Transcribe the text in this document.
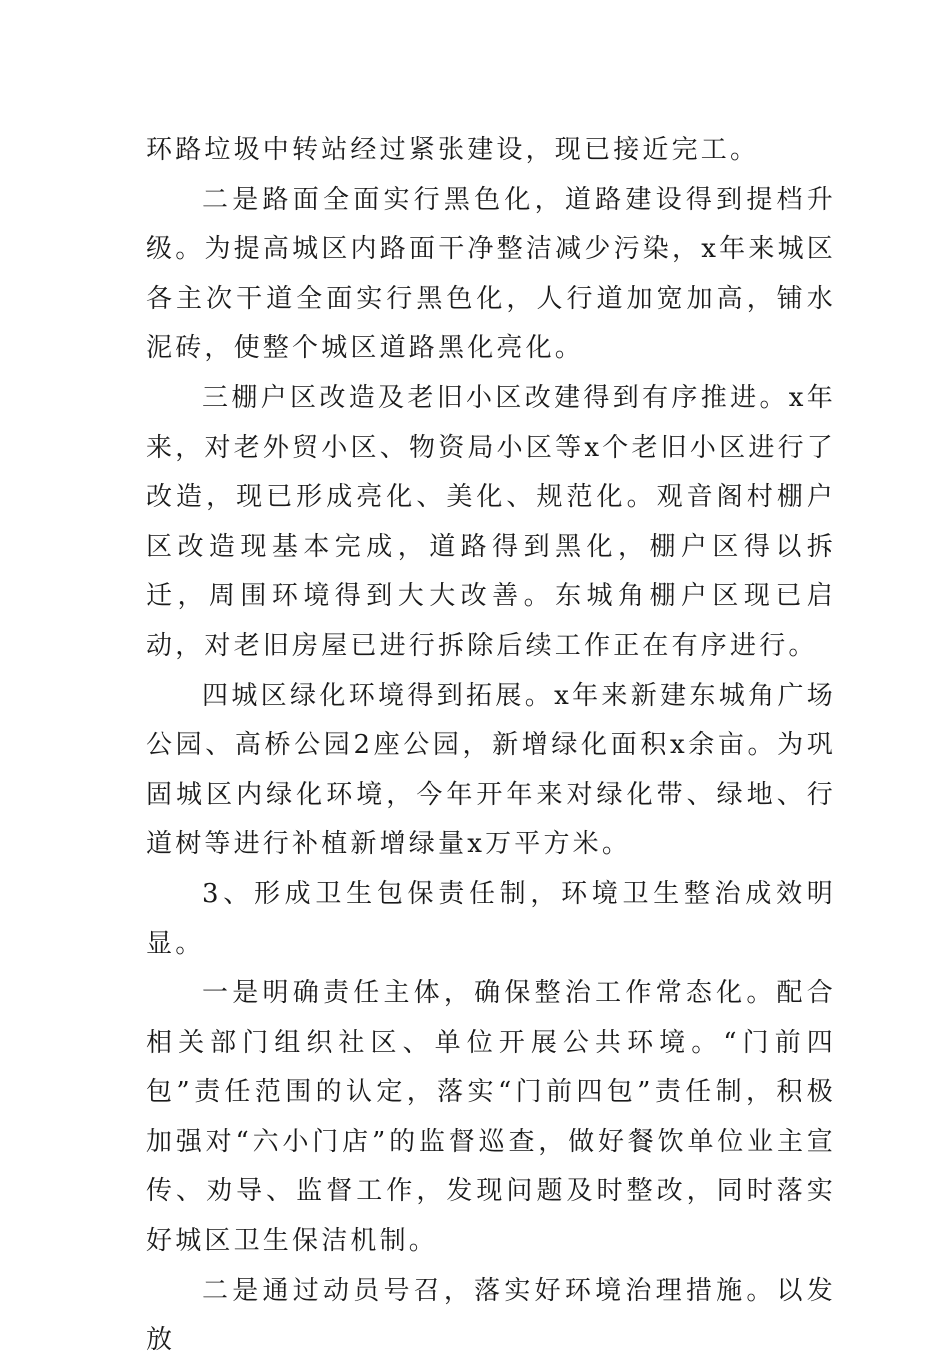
环路垃圾中转站经过紧张建设，现已接近完工。

二是路面全面实行黑色化，道路建设得到提档升级。为提高城区内路面干净整洁减少污染，x年来城区各主次干道全面实行黑色化，人行道加宽加高，铺水泥砖，使整个城区道路黑化亮化。

三棚户区改造及老旧小区改建得到有序推进。x年来，对老外贸小区、物资局小区等x个老旧小区进行了改造，现已形成亮化、美化、规范化。观音阁村棚户区改造现基本完成，道路得到黑化，棚户区得以拆迁，周围环境得到大大改善。东城角棚户区现已启动，对老旧房屋已进行拆除后续工作正在有序进行。

四城区绿化环境得到拓展。x年来新建东城角广场公园、高桥公园2座公园，新增绿化面积x余亩。为巩固城区内绿化环境，今年开年来对绿化带、绿地、行道树等进行补植新增绿量x万平方米。

3、形成卫生包保责任制，环境卫生整治成效明显。

一是明确责任主体，确保整治工作常态化。配合相关部门组织社区、单位开展公共环境。“门前四包”责任范围的认定，落实“门前四包”责任制，积极加强对“六小门店”的监督巡查，做好餐饮单位业主宣传、劝导、监督工作，发现问题及时整改，同时落实好城区卫生保洁机制。

二是通过动员号召，落实好环境治理措施。以发放
